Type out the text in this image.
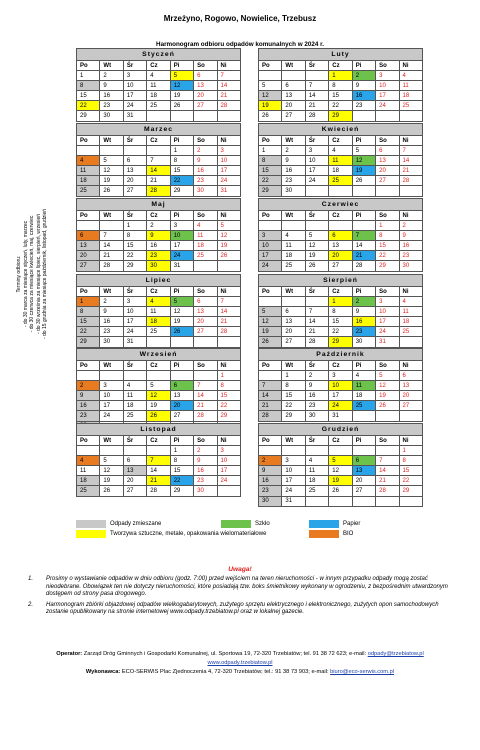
Mrzeżyno, Rogowo, Nowielice, Trzebusz
Harmonogram odbioru odpadów komunalnych w 2024 r.
Terminy odbioru: - do 30 marca za miesiące styczeń, luty, marzec - do 30 czerwca za miesiące kwiecień, maj, czerwiec - do 30 września za miesiące lipiec, sierpień, wrzesień - do 15 grudnia za miesiące październik, listopad, grudzień
Styczeń						
Po	Wt	Śr	Cz	Pi	So	Ni
1	2	3	4	5	6	7
8	9	10	11	12	13	14
15	16	17	18	19	20	21
22	23	24	25	26	27	28
29	30	31				
Luty						
Po	Wt	Śr	Cz	Pi	So	Ni
			1	2	3	4
5	6	7	8	9	10	11
12	13	14	15	16	17	18
19	20	21	22	23	24	25
26	27	28	29			
Marzec						
Po	Wt	Śr	Cz	Pi	So	Ni
				1	2	3
4	5	6	7	8	9	10
11	12	13	14	15	16	17
18	19	20	21	22	23	24
25	26	27	28	29	30	31
Kwiecień						
Po	Wt	Śr	Cz	Pi	So	Ni
1	2	3	4	5	6	7
8	9	10	11	12	13	14
15	16	17	18	19	20	21
22	23	24	25	26	27	28
29	30					
Maj						
Po	Wt	Śr	Cz	Pi	So	Ni
		1	2	3	4	5
6	7	8	9	10	11	12
13	14	15	16	17	18	19
20	21	22	23	24	25	26
27	28	29	30	31		
Czerwiec						
Po	Wt	Śr	Cz	Pi	So	Ni
					1	2
3	4	5	6	7	8	9
10	11	12	13	14	15	16
17	18	19	20	21	22	23
24	25	26	27	28	29	30
Lipiec						
Po	Wt	Śr	Cz	Pi	So	Ni
1	2	3	4	5	6	7
8	9	10	11	12	13	14
15	16	17	18	19	20	21
22	23	24	25	26	27	28
29	30	31				
Sierpień						
Po	Wt	Śr	Cz	Pi	So	Ni
			1	2	3	4
5	6	7	8	9	10	11
12	13	14	15	16	17	18
19	20	21	22	23	24	25
26	27	28	29	30	31	
Wrzesień						
Po	Wt	Śr	Cz	Pi	So	Ni
						1
2	3	4	5	6	7	8
9	10	11	12	13	14	15
16	17	18	19	20	21	22
23	24	25	26	27	28	29

Październik						
Po	Wt	Śr	Cz	Pi	So	Ni
	1	2	3	4	5	6
7	8	9	10	11	12	13
14	15	16	17	18	19	20
21	22	23	24	25	26	27
28	29	30	31			
Listopad						
Po	Wt	Śr	Cz	Pi	So	Ni
				1	2	3
4	5	6	7	8	9	10
11	12	13	14	15	16	17
18	19	20	21	22	23	24
25	26	27	28	29	30	
Grudzień						
Po	Wt	Śr	Cz	Pi	So	Ni
						1
2	3	4	5	6	7	8
9	10	11	12	13	14	15
16	17	18	19	20	21	22
23	24	25	26	27	28	29
30	31					
Odpady zmieszane	Szkło	Papier
Tworzywa sztuczne, metale, opakowania wielomateriałowe	BIO
Uwaga!
1. Prosimy o wystawianie odpadów w dniu odbioru (godz. 7:00) przed wejściem na teren nieruchomości - w innym przypadku odpady mogą zostać nieodebrane. Obowiązek ten nie dotyczy nieruchomości, które posiadają tzw. boks śmietnikowy wykonany w ogrodzeniu, z bezpośrednim utwardzonym dostępem od strony pasa drogowego.
2. Harmonogram zbiórki objazdowej odpadów wielkogabarytowych, zużytego sprzętu elektrycznego i elektronicznego, zużytych opon samochodowych zostanie opublikowany na stronie internetowej www.odpady.trzebiatow.pl oraz w lokalnej gazecie.
Operator: Zarząd Dróg Gminnych i Gospodarki Komunalnej, ul. Sportowa 19, 72-320 Trzebiatów; tel. 91 38 72 623; e-mail: odpady@trzebiatow.pl
www.odpady.trzebiatow.pl
Wykonawca: ECO-SERWIS Plac Zjednoczenia 4, 72-320 Trzebiatów; tel.: 91 38 73 903; e-mail: biuro@eco-serwis.com.pl
